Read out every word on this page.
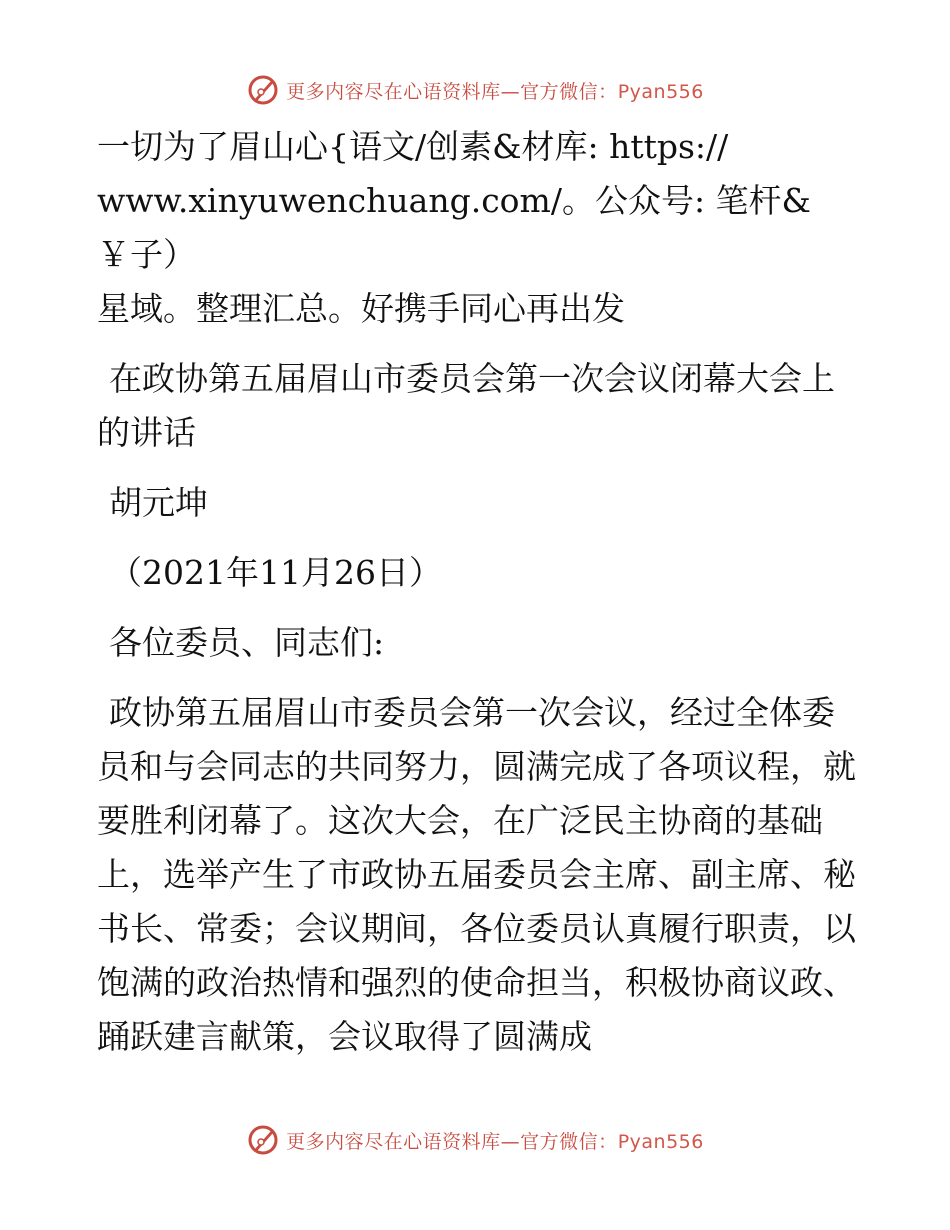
更多内容尽在心语资料库—官方微信：Pyan556

一切为了眉山心{语文/创素&材库: https://
www.xinyuwenchuang.com/。公众号: 笔杆&￥子）
星域。整理汇总。好携手同心再出发

在政协第五届眉山市委员会第一次会议闭幕大会上的讲话

胡元坤

（2021年11月26日）

各位委员、同志们:

政协第五届眉山市委员会第一次会议，经过全体委员和与会同志的共同努力，圆满完成了各项议程，就要胜利闭幕了。这次大会，在广泛民主协商的基础上，选举产生了市政协五届委员会主席、副主席、秘书长、常委；会议期间，各位委员认真履行职责，以饱满的政治热情和强烈的使命担当，积极协商议政、踊跃建言献策，会议取得了圆满成

更多内容尽在心语资料库—官方微信：Pyan556
